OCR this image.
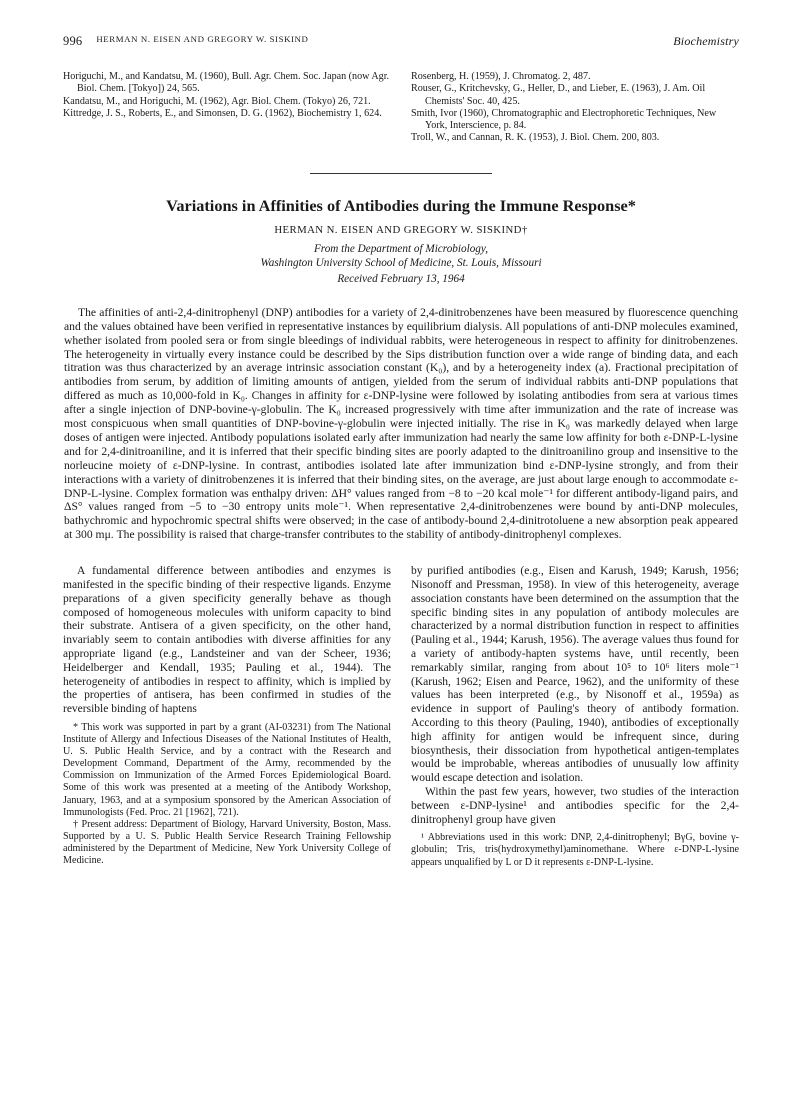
996 HERMAN N. EISEN AND GREGORY W. SISKIND	Biochemistry
Horiguchi, M., and Kandatsu, M. (1960), Bull. Agr. Chem. Soc. Japan (now Agr. Biol. Chem. [Tokyo]) 24, 565.
Kandatsu, M., and Horiguchi, M. (1962), Agr. Biol. Chem. (Tokyo) 26, 721.
Kittredge, J. S., Roberts, E., and Simonsen, D. G. (1962), Biochemistry 1, 624.
Rosenberg, H. (1959), J. Chromatog. 2, 487.
Rouser, G., Kritchevsky, G., Heller, D., and Lieber, E. (1963), J. Am. Oil Chemists' Soc. 40, 425.
Smith, Ivor (1960), Chromatographic and Electrophoretic Techniques, New York, Interscience, p. 84.
Troll, W., and Cannan, R. K. (1953), J. Biol. Chem. 200, 803.
Variations in Affinities of Antibodies during the Immune Response*
HERMAN N. EISEN AND GREGORY W. SISKIND†
From the Department of Microbiology,
Washington University School of Medicine, St. Louis, Missouri
Received February 13, 1964

The affinities of anti-2,4-dinitrophenyl (DNP) antibodies for a variety of 2,4-dinitrobenzenes have been measured by fluorescence quenching and the values obtained have been verified in representative instances by equilibrium dialysis. All populations of anti-DNP molecules examined, whether isolated from pooled sera or from single bleedings of individual rabbits, were heterogeneous in respect to affinity for dinitrobenzenes. The heterogeneity in virtually every instance could be described by the Sips distribution function over a wide range of binding data, and each titration was thus characterized by an average intrinsic association constant (K₀), and by a heterogeneity index (a). Fractional precipitation of antibodies from serum, by addition of limiting amounts of antigen, yielded from the serum of individual rabbits anti-DNP populations that differed as much as 10,000-fold in K₀. Changes in affinity for ε-DNP-lysine were followed by isolating antibodies from sera at various times after a single injection of DNP-bovine-γ-globulin. The K₀ increased progressively with time after immunization and the rate of increase was most conspicuous when small quantities of DNP-bovine-γ-globulin were injected initially. The rise in K₀ was markedly delayed when large doses of antigen were injected. Antibody populations isolated early after immunization had nearly the same low affinity for both ε-DNP-L-lysine and for 2,4-dinitroaniline, and it is inferred that their specific binding sites are poorly adapted to the dinitroanilino group and insensitive to the norleucine moiety of ε-DNP-lysine. In contrast, antibodies isolated late after immunization bind ε-DNP-lysine strongly, and from their interactions with a variety of dinitrobenzenes it is inferred that their binding sites, on the average, are just about large enough to accommodate ε-DNP-L-lysine. Complex formation was enthalpy driven: ΔH° values ranged from −8 to −20 kcal mole⁻¹ for different antibody-ligand pairs, and ΔS° values ranged from −5 to −30 entropy units mole⁻¹. When representative 2,4-dinitrobenzenes were bound by anti-DNP molecules, bathychromic and hypochromic spectral shifts were observed; in the case of antibody-bound 2,4-dinitrotoluene a new absorption peak appeared at 300 mμ. The possibility is raised that charge-transfer contributes to the stability of antibody-dinitrophenyl complexes.

A fundamental difference between antibodies and enzymes is manifested in the specific binding of their respective ligands. Enzyme preparations of a given specificity generally behave as though composed of homogeneous molecules with uniform capacity to bind their substrate. Antisera of a given specificity, on the other hand, invariably seem to contain antibodies with diverse affinities for any appropriate ligand (e.g., Landsteiner and van der Scheer, 1936; Heidelberger and Kendall, 1935; Pauling et al., 1944). The heterogeneity of antibodies in respect to affinity, which is implied by the properties of antisera, has been confirmed in studies of the reversible binding of haptens

* This work was supported in part by a grant (AI-03231) from The National Institute of Allergy and Infectious Diseases of the National Institutes of Health, U. S. Public Health Service, and by a contract with the Research and Development Command, Department of the Army, recommended by the Commission on Immunization of the Armed Forces Epidemiological Board. Some of this work was presented at a meeting of the Antibody Workshop, January, 1963, and at a symposium sponsored by the American Association of Immunologists (Fed. Proc. 21 [1962], 721).

† Present address: Department of Biology, Harvard University, Boston, Mass. Supported by a U. S. Public Health Service Research Training Fellowship administered by the Department of Medicine, New York University College of Medicine.

by purified antibodies (e.g., Eisen and Karush, 1949; Karush, 1956; Nisonoff and Pressman, 1958). In view of this heterogeneity, average association constants have been determined on the assumption that the specific binding sites in any population of antibody molecules are characterized by a normal distribution function in respect to affinities (Pauling et al., 1944; Karush, 1956). The average values thus found for a variety of antibody-hapten systems have, until recently, been remarkably similar, ranging from about 10⁵ to 10⁶ liters mole⁻¹ (Karush, 1962; Eisen and Pearce, 1962), and the uniformity of these values has been interpreted (e.g., by Nisonoff et al., 1959a) as evidence in support of Pauling's theory of antibody formation. According to this theory (Pauling, 1940), antibodies of exceptionally high affinity for antigen would be infrequent since, during biosynthesis, their dissociation from hypothetical antigen-templates would be improbable, whereas antibodies of unusually low affinity would escape detection and isolation.

Within the past few years, however, two studies of the interaction between ε-DNP-lysine¹ and antibodies specific for the 2,4-dinitrophenyl group have given

¹ Abbreviations used in this work: DNP, 2,4-dinitrophenyl; BγG, bovine γ-globulin; Tris, tris(hydroxymethyl)aminomethane. Where ε-DNP-L-lysine appears unqualified by L or D it represents ε-DNP-L-lysine.
